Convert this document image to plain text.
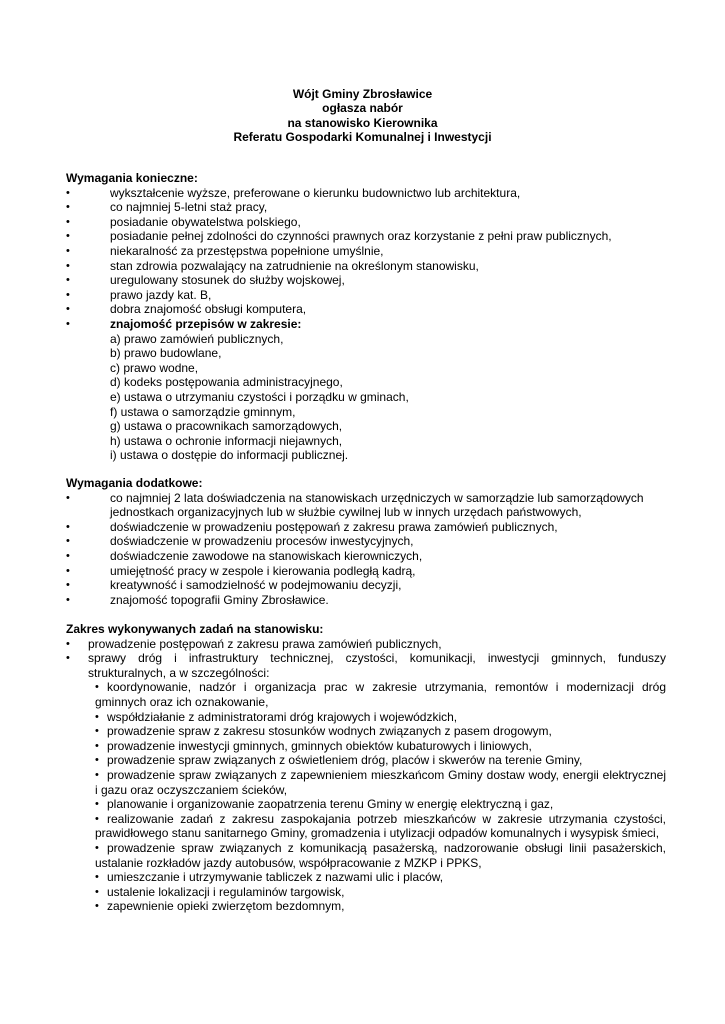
Wójt Gminy Zbrosławice
ogłasza nabór
na stanowisko Kierownika
Referatu Gospodarki Komunalnej i Inwestycji
Wymagania konieczne:
•	wykształcenie wyższe, preferowane o kierunku budownictwo lub architektura,
•	co najmniej 5-letni staż pracy,
•	posiadanie obywatelstwa polskiego,
•	posiadanie pełnej zdolności do czynności prawnych oraz korzystanie z pełni praw publicznych,
•	niekaralność za przestępstwa popełnione umyślnie,
•	stan zdrowia pozwalający na zatrudnienie na określonym stanowisku,
•	uregulowany stosunek do służby wojskowej,
•	prawo jazdy kat. B,
•	dobra znajomość obsługi komputera,
•	znajomość przepisów w zakresie:
a) prawo zamówień publicznych,
b) prawo budowlane,
c) prawo wodne,
d) kodeks postępowania administracyjnego,
e) ustawa o utrzymaniu czystości i porządku w gminach,
f) ustawa o samorządzie gminnym,
g) ustawa o pracownikach samorządowych,
h) ustawa o ochronie informacji niejawnych,
i) ustawa o dostępie do informacji publicznej.
Wymagania dodatkowe:
•	co najmniej 2 lata doświadczenia na stanowiskach urzędniczych w samorządzie lub samorządowych jednostkach organizacyjnych lub w służbie cywilnej lub w innych urzędach państwowych,
•	doświadczenie w prowadzeniu postępowań z zakresu prawa zamówień publicznych,
•	doświadczenie w prowadzeniu procesów inwestycyjnych,
•	doświadczenie zawodowe na stanowiskach kierowniczych,
•	umiejętność pracy w zespole i kierowania podległą kadrą,
•	kreatywność i samodzielność w podejmowaniu decyzji,
•	znajomość topografii Gminy Zbrosławice.
Zakres wykonywanych zadań na stanowisku:
•	prowadzenie postępowań z zakresu prawa zamówień publicznych,
•	sprawy dróg i infrastruktury technicznej, czystości, komunikacji, inwestycji gminnych, funduszy strukturalnych, a w szczególności:
• koordynowanie, nadzór i organizacja prac w zakresie utrzymania, remontów i modernizacji dróg gminnych oraz ich oznakowanie,
• współdziałanie z administratorami dróg krajowych i wojewódzkich,
• prowadzenie spraw z zakresu stosunków wodnych związanych z pasem drogowym,
• prowadzenie inwestycji gminnych, gminnych obiektów kubaturowych i liniowych,
• prowadzenie spraw związanych z oświetleniem dróg, placów i skwerów na terenie Gminy,
• prowadzenie spraw związanych z zapewnieniem mieszkańcom Gminy dostaw wody, energii elektrycznej i gazu oraz oczyszczaniem ścieków,
• planowanie i organizowanie zaopatrzenia terenu Gminy w energię elektryczną i gaz,
• realizowanie zadań z zakresu zaspokajania potrzeb mieszkańców w zakresie utrzymania czystości, prawidłowego stanu sanitarnego Gminy, gromadzenia i utylizacji odpadów komunalnych i wysypisk śmieci,
• prowadzenie spraw związanych z komunikacją pasażerską, nadzorowanie obsługi linii pasażerskich, ustalanie rozkładów jazdy autobusów, współpracowanie z MZKP i PPKS,
• umieszczanie i utrzymywanie tabliczek z nazwami ulic i placów,
• ustalenie lokalizacji i regulaminów targowisk,
• zapewnienie opieki zwierzętom bezdomnym,
